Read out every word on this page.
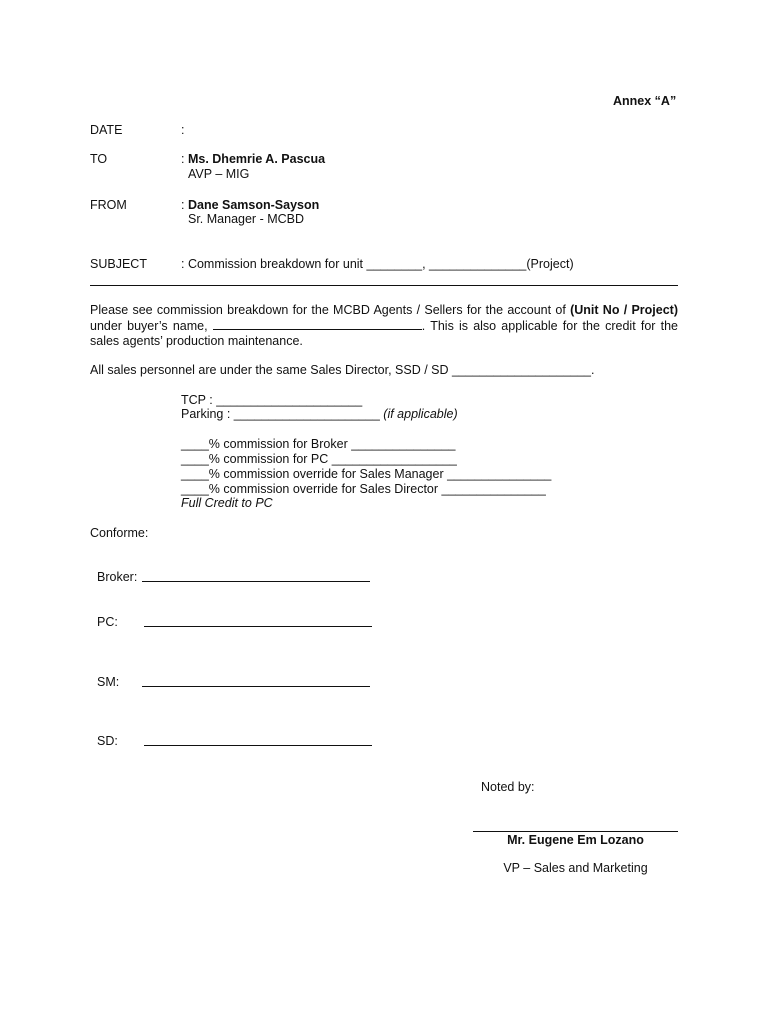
Annex “A”
DATE	:
TO	: Ms. Dhemrie A. Pascua
AVP – MIG
FROM	: Dane Samson-Sayson
Sr. Manager - MCBD
SUBJECT	: Commission breakdown for unit ________, ______________(Project)
Please see commission breakdown for the MCBD Agents / Sellers for the account of (Unit No / Project) under buyer’s name,	. This is also applicable for the credit for the sales agents’ production maintenance.
All sales personnel are under the same Sales Director, SSD / SD ____________________.
TCP : _____________________
Parking : _____________________ (if applicable)
____% commission for Broker _______________
____% commission for PC __________________
____% commission override for Sales Manager _______________
____% commission override for Sales Director _______________
Full Credit to PC
Conforme:
Broker:
PC:
SM:
SD:
Noted by:
Mr. Eugene Em Lozano
VP – Sales and Marketing
